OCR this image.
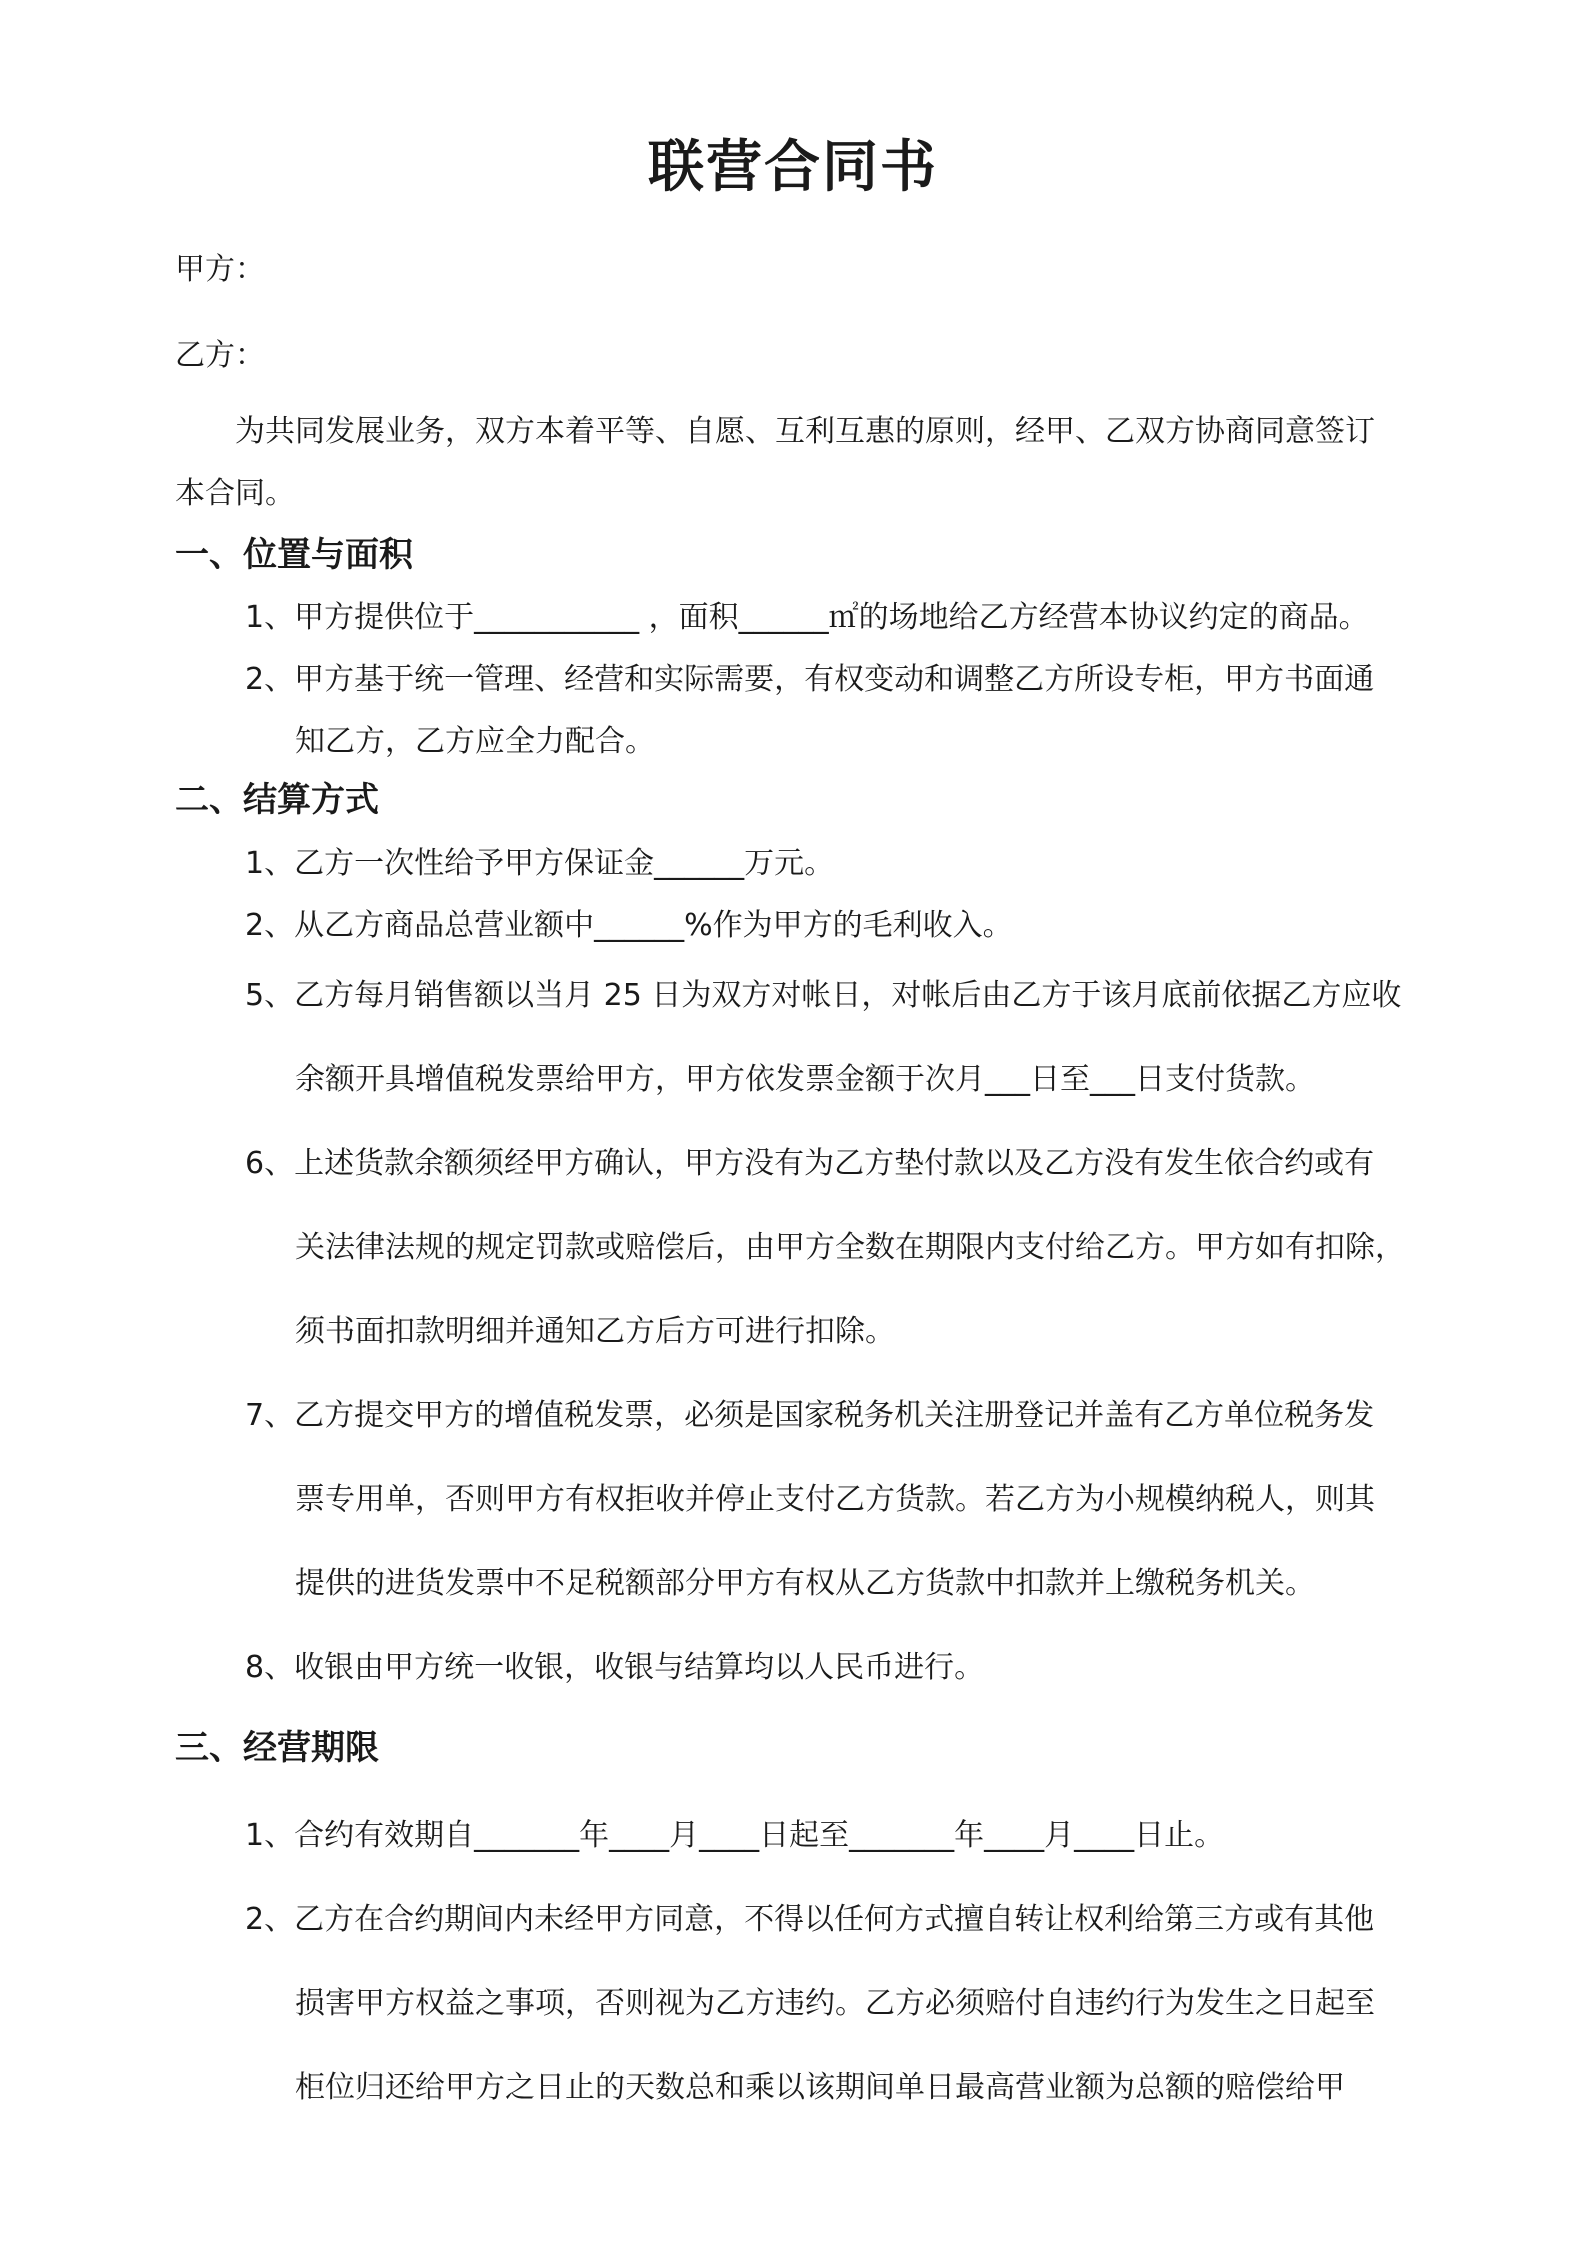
联营合同书
甲方：
乙方：
为共同发展业务，双方本着平等、自愿、互利互惠的原则，经甲、乙双方协商同意签订
本合同。
一、位置与面积
1、甲方提供位于___________ ，面积______㎡的场地给乙方经营本协议约定的商品。
2、甲方基于统一管理、经营和实际需要，有权变动和调整乙方所设专柜，甲方书面通
知乙方，乙方应全力配合。
二、结算方式
1、乙方一次性给予甲方保证金______万元。
2、从乙方商品总营业额中______%作为甲方的毛利收入。
5、乙方每月销售额以当月 25 日为双方对帐日，对帐后由乙方于该月底前依据乙方应收
余额开具增值税发票给甲方，甲方依发票金额于次月___日至___日支付货款。
6、上述货款余额须经甲方确认，甲方没有为乙方垫付款以及乙方没有发生依合约或有
关法律法规的规定罚款或赔偿后，由甲方全数在期限内支付给乙方。甲方如有扣除，
须书面扣款明细并通知乙方后方可进行扣除。
7、乙方提交甲方的增值税发票，必须是国家税务机关注册登记并盖有乙方单位税务发
票专用单，否则甲方有权拒收并停止支付乙方货款。若乙方为小规模纳税人，则其
提供的进货发票中不足税额部分甲方有权从乙方货款中扣款并上缴税务机关。
8、收银由甲方统一收银，收银与结算均以人民币进行。
三、经营期限
1、合约有效期自_______年____月____日起至_______年____月____日止。
2、乙方在合约期间内未经甲方同意，不得以任何方式擅自转让权利给第三方或有其他
损害甲方权益之事项，否则视为乙方违约。乙方必须赔付自违约行为发生之日起至
柜位归还给甲方之日止的天数总和乘以该期间单日最高营业额为总额的赔偿给甲
